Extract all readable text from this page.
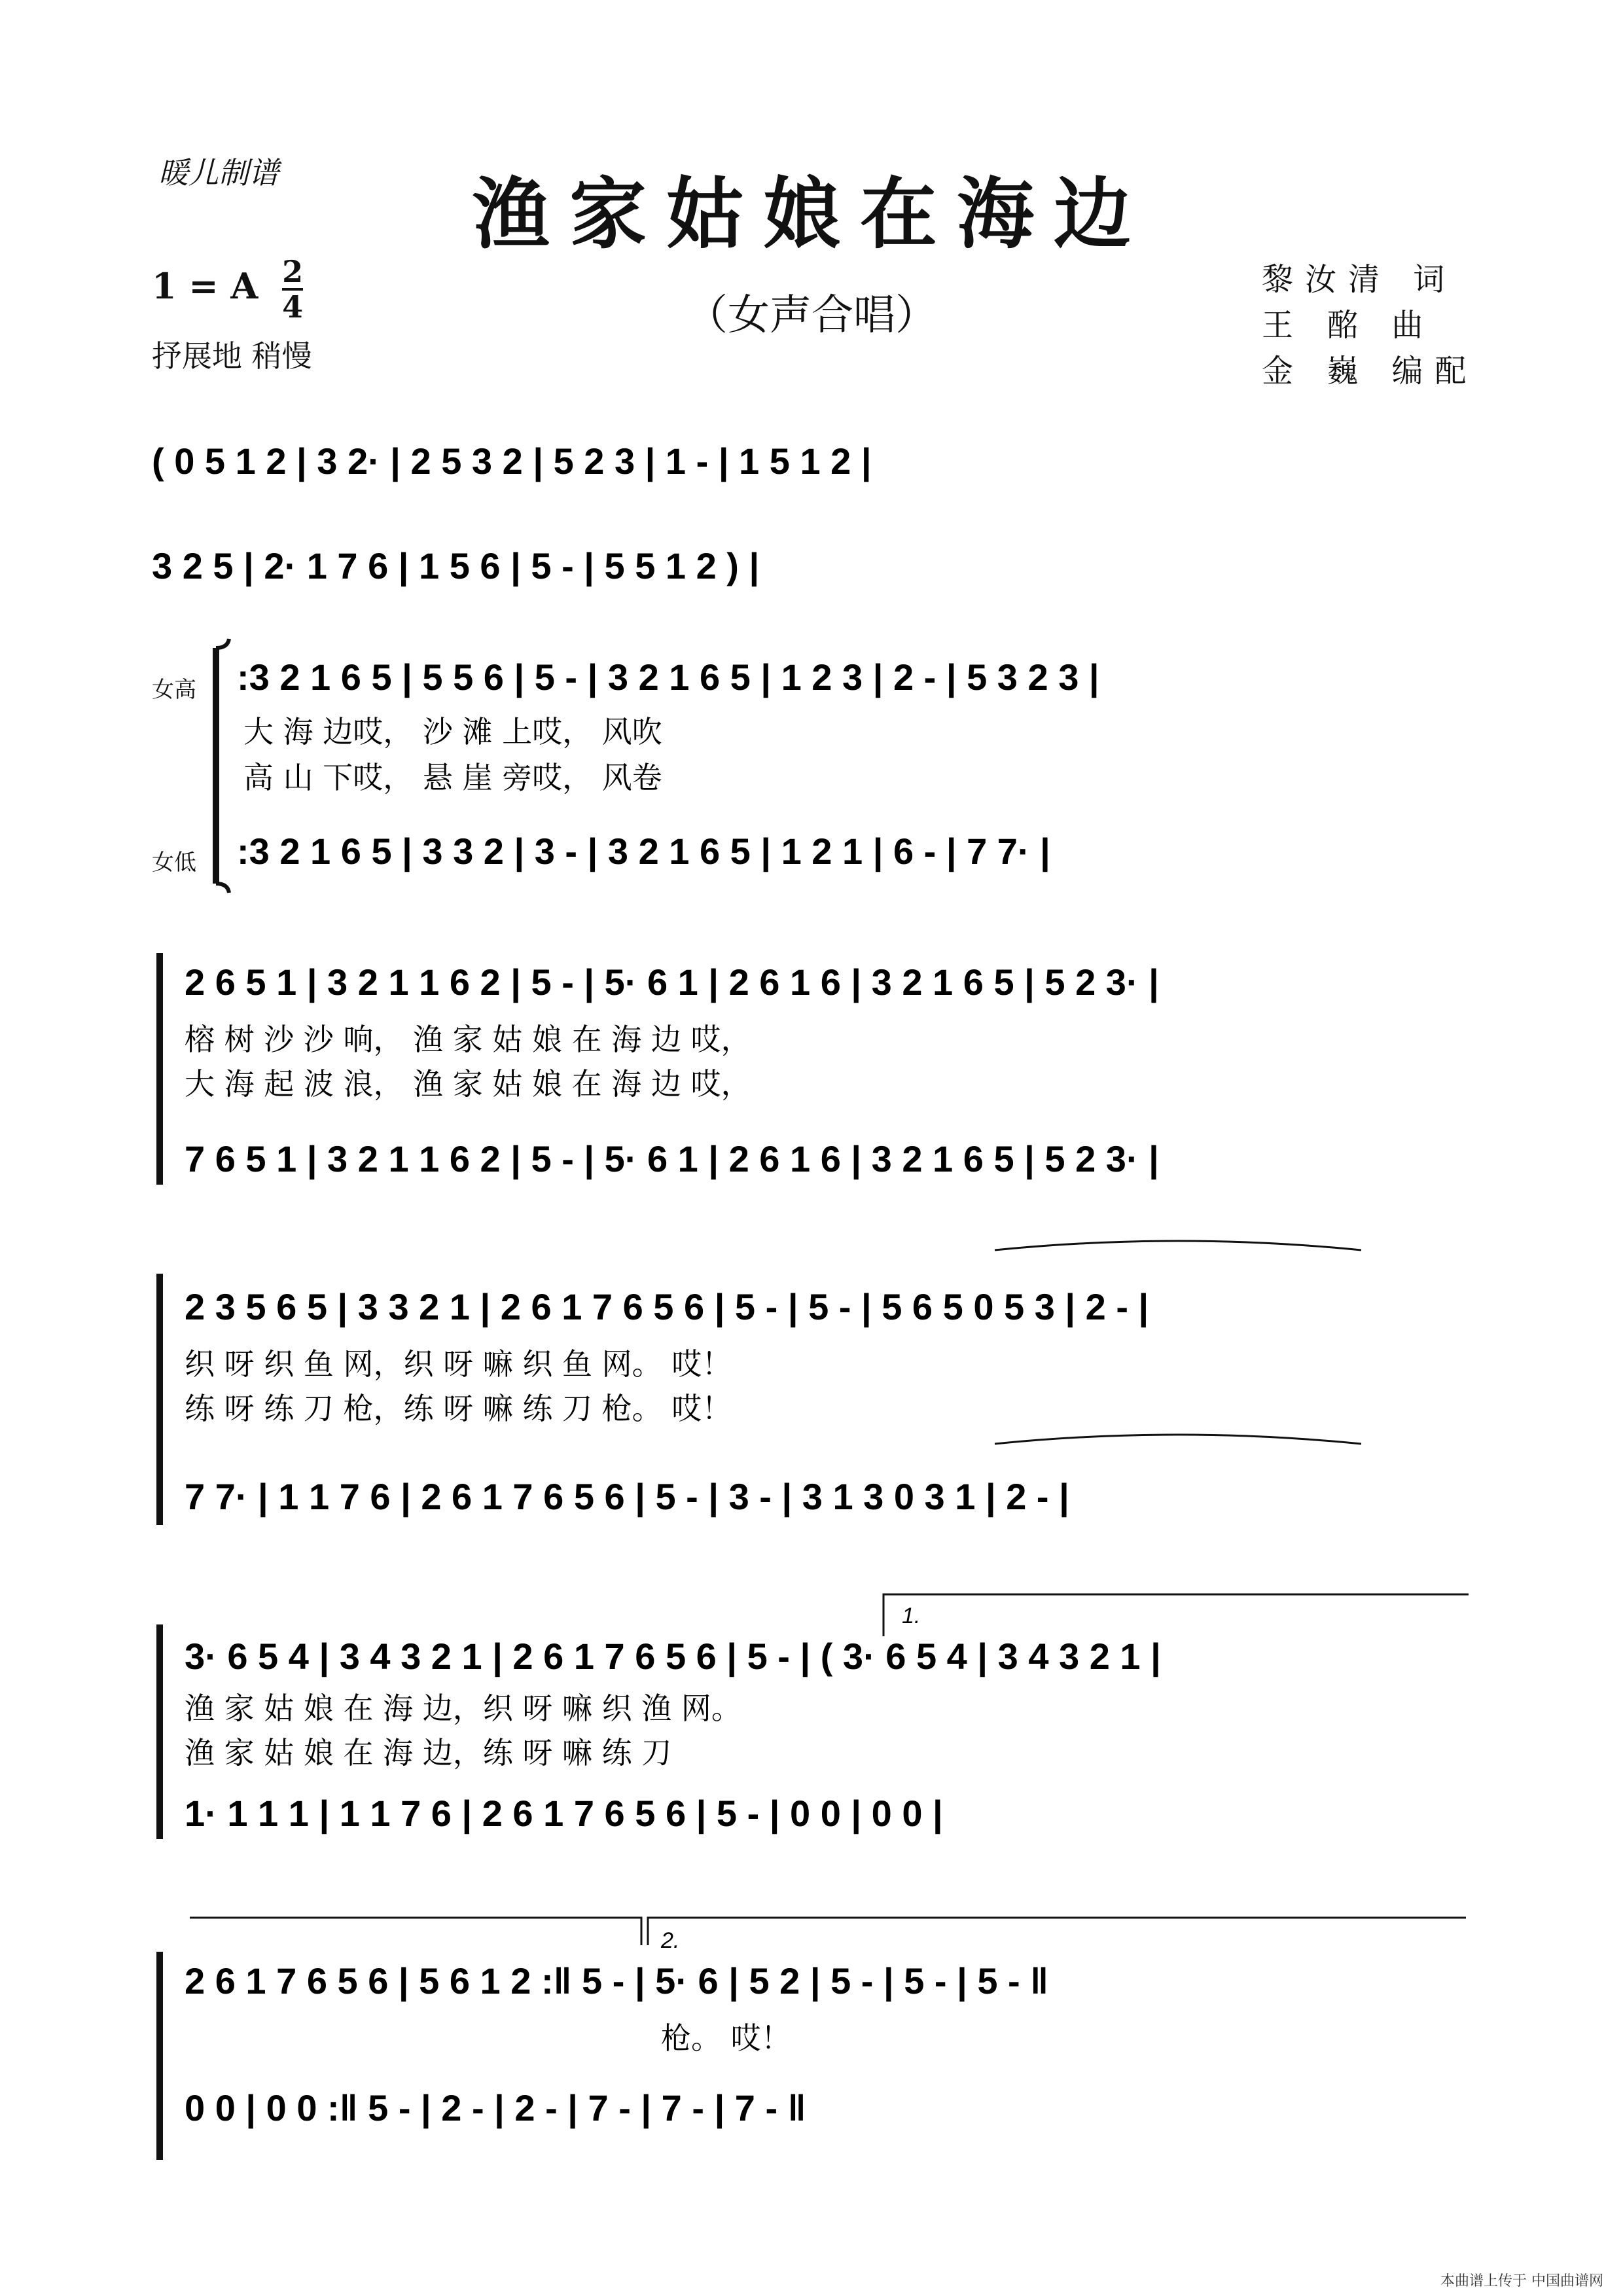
暖儿制谱	渔家姑娘在海边
（女声合唱）
1 = A $\frac{2}{4}$
抒展地 稍慢
黎汝清 词
王 酩 曲
金 巍 编配
女高
女低
( 0 5 1 2 | 3 2· | 2 5 3 2 | 5 2 3 | 1 - | 1 5 1 2 |
3 2 5 | 2· 1 7 6 | 1 5 6 | 5 - | 5 5 1 2 ) |
:3 2 1 6 5 | 5 5 6 | 5 - | 3 2 1 6 5 | 1 2 3 | 2 - | 5 3 2 3 |
大 海 边哎， 沙 滩 上哎， 风吹
高 山 下哎， 悬 崖 旁哎， 风卷
:3 2 1 6 5 | 3 3 2 | 3 - | 3 2 1 6 5 | 1 2 1 | 6 - | 7 7· |
2 6 5 1 | 3 2 1 1 6 2 | 5 - | 5· 6 1 | 2 6 1 6 | 3 2 1 6 5 | 5 2 3· |
榕 树 沙 沙 响， 渔 家 姑 娘 在 海 边 哎，
大 海 起 波 浪， 渔 家 姑 娘 在 海 边 哎，
7 6 5 1 | 3 2 1 1 6 2 | 5 - | 5· 6 1 | 2 6 1 6 | 3 2 1 6 5 | 5 2 3· |
2 3 5 6 5 | 3 3 2 1 | 2 6 1 7 6 5 6 | 5 - | 5 - | 5 6 5 0 5 3 | 2 - |
织 呀 织 鱼 网，织 呀 嘛 织 鱼 网。 哎！
练 呀 练 刀 枪，练 呀 嘛 练 刀 枪。 哎！
7 7· | 1 1 7 6 | 2 6 1 7 6 5 6 | 5 - | 3 - | 3 1 3 0 3 1 | 2 - |
1.
3· 6 5 4 | 3 4 3 2 1 | 2 6 1 7 6 5 6 | 5 - | ( 3· 6 5 4 | 3 4 3 2 1 |
渔 家 姑 娘 在 海 边，织 呀 嘛 织 渔 网。
渔 家 姑 娘 在 海 边，练 呀 嘛 练 刀
1· 1 1 1 | 1 1 7 6 | 2 6 1 7 6 5 6 | 5 - | 0 0 | 0 0 |
2.
2 6 1 7 6 5 6 | 5 6 1 2 :‖ 5 - | 5· 6 | 5 2 | 5 - | 5 - | 5 - ‖
枪。 哎！
0 0 | 0 0 :‖ 5 - | 2 - | 2 - | 7 - | 7 - | 7 - ‖
本曲谱上传于 中国曲谱网
